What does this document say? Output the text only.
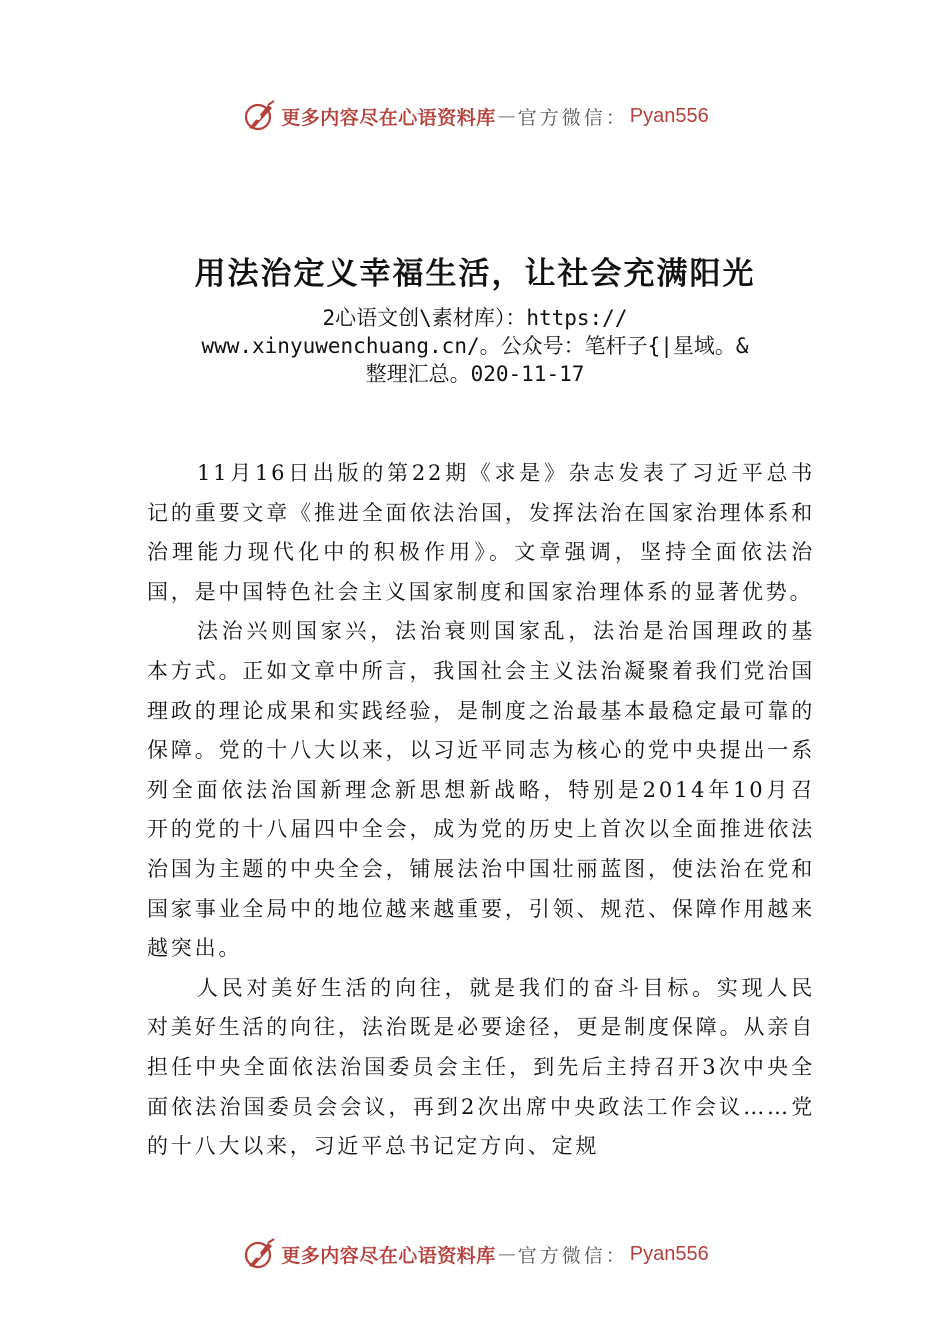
更多内容尽在心语资料库 — 官方微信： Pyan556
用法治定义幸福生活，让社会充满阳光
2心语文创\素材库）：https://
www.xinyuwenchuang.cn/。公众号：笔杆子{|星域。&
整理汇总。020-11-17

11月16日出版的第22期《求是》杂志发表了习近平总书记的重要文章《推进全面依法治国，发挥法治在国家治理体系和治理能力现代化中的积极作用》。文章强调，坚持全面依法治国，是中国特色社会主义国家制度和国家治理体系的显著优势。

法治兴则国家兴，法治衰则国家乱，法治是治国理政的基本方式。正如文章中所言，我国社会主义法治凝聚着我们党治国理政的理论成果和实践经验，是制度之治最基本最稳定最可靠的保障。党的十八大以来，以习近平同志为核心的党中央提出一系列全面依法治国新理念新思想新战略，特别是2014年10月召开的党的十八届四中全会，成为党的历史上首次以全面推进依法治国为主题的中央全会，铺展法治中国壮丽蓝图，使法治在党和国家事业全局中的地位越来越重要，引领、规范、保障作用越来越突出。

人民对美好生活的向往，就是我们的奋斗目标。实现人民对美好生活的向往，法治既是必要途径，更是制度保障。从亲自担任中央全面依法治国委员会主任，到先后主持召开3次中央全面依法治国委员会会议，再到2次出席中央政法工作会议……党的十八大以来，习近平总书记定方向、定规

更多内容尽在心语资料库 — 官方微信： Pyan556
